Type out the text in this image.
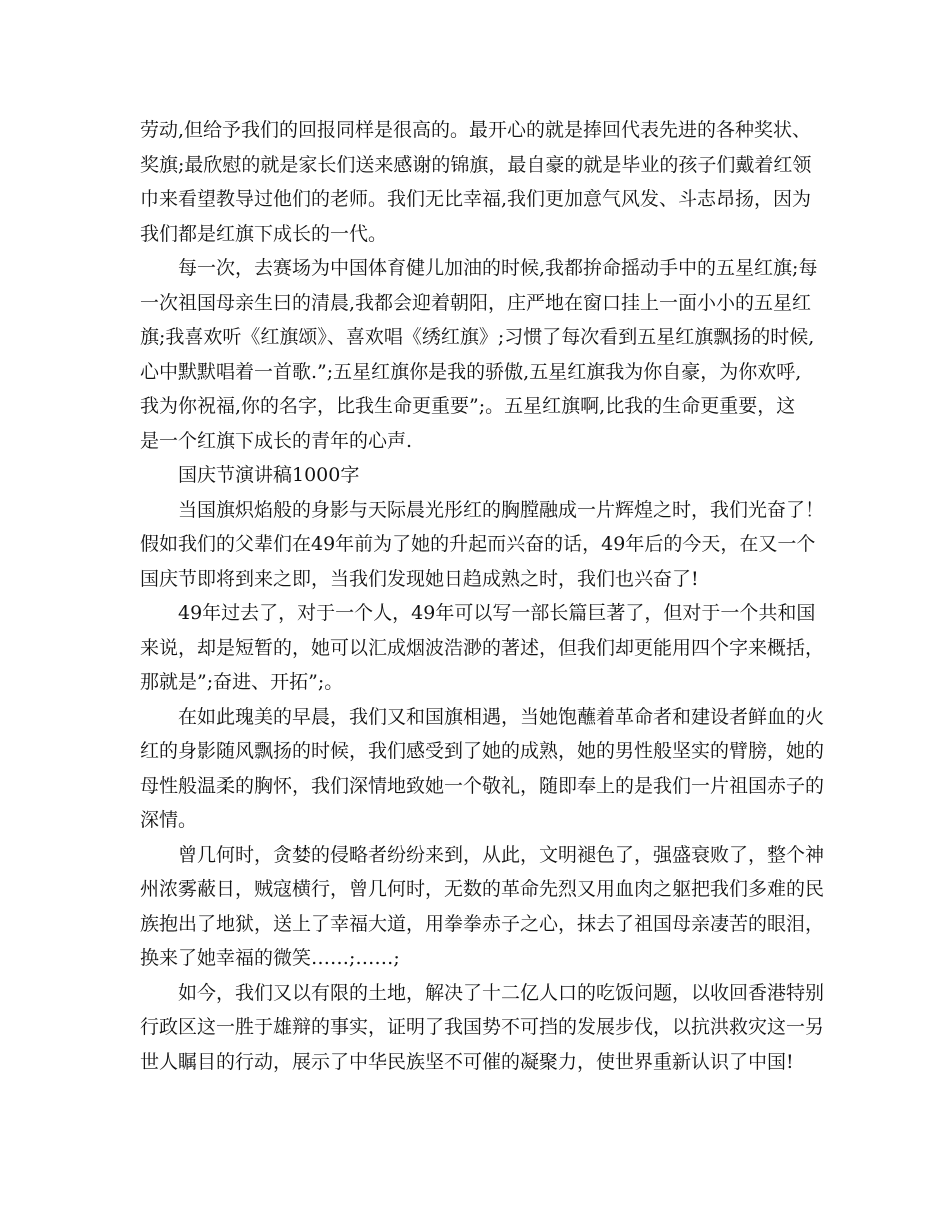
劳动,但给予我们的回报同样是很高的。最开心的就是捧回代表先进的各种奖状、
奖旗;最欣慰的就是家长们送来感谢的锦旗，最自豪的就是毕业的孩子们戴着红领
巾来看望教导过他们的老师。我们无比幸福,我们更加意气风发、斗志昂扬，因为
我们都是红旗下成长的一代。
每一次，去赛场为中国体育健儿加油的时候,我都拚命摇动手中的五星红旗;每
一次祖国母亲生曰的清晨,我都会迎着朝阳，庄严地在窗口挂上一面小小的五星红
旗;我喜欢听《红旗颂》、喜欢唱《绣红旗》;习惯了每次看到五星红旗飘扬的时候,
心中默默唱着一首歌.”;五星红旗你是我的骄傲,五星红旗我为你自豪，为你欢呼,
我为你祝福,你的名字，比我生命更重要”;。五星红旗啊,比我的生命更重要，这
是一个红旗下成长的青年的心声.
国庆节演讲稿1000字
当国旗炽焰般的身影与天际晨光彤红的胸膛融成一片辉煌之时，我们光奋了！
假如我们的父辈们在49年前为了她的升起而兴奋的话，49年后的今天，在又一个
国庆节即将到来之即，当我们发现她日趋成熟之时，我们也兴奋了!
49年过去了，对于一个人，49年可以写一部长篇巨著了，但对于一个共和国
来说，却是短暂的，她可以汇成烟波浩渺的著述，但我们却更能用四个字来概括，
那就是”;奋进、开拓”;。
在如此瑰美的早晨，我们又和国旗相遇，当她饱蘸着革命者和建设者鲜血的火
红的身影随风飘扬的时候，我们感受到了她的成熟，她的男性般坚实的臂膀，她的
母性般温柔的胸怀，我们深情地致她一个敬礼，随即奉上的是我们一片祖国赤子的
深情。
曾几何时，贪婪的侵略者纷纷来到，从此，文明褪色了，强盛衰败了，整个神
州浓雾蔽日，贼寇横行，曾几何时，无数的革命先烈又用血肉之躯把我们多难的民
族抱出了地狱，送上了幸福大道，用拳拳赤子之心，抹去了祖国母亲凄苦的眼泪，
换来了她幸福的微笑……;……;
如今，我们又以有限的土地，解决了十二亿人口的吃饭问题，以收回香港特别
行政区这一胜于雄辩的事实，证明了我国势不可挡的发展步伐，以抗洪救灾这一另
世人瞩目的行动，展示了中华民族坚不可催的凝聚力，使世界重新认识了中国!
